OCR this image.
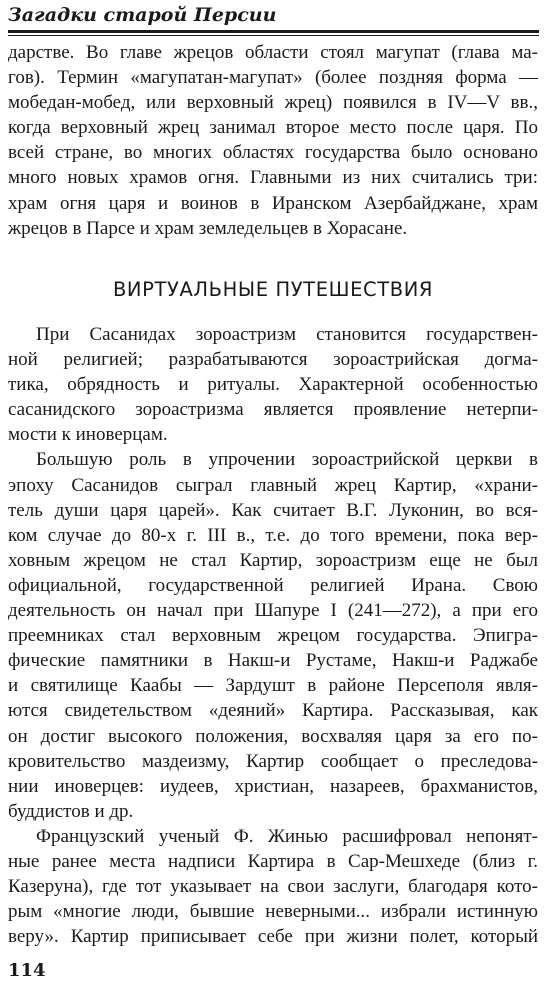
Загадки старой Персии
дарстве. Во главе жрецов области стоял магупат (глава ма-
гов). Термин «магупатан-магупат» (более поздняя форма —
мобедан-мобед, или верховный жрец) появился в IV—V вв.,
когда верховный жрец занимал второе место после царя. По
всей стране, во многих областях государства было основано
много новых храмов огня. Главными из них считались три:
храм огня царя и воинов в Иранском Азербайджане, храм
жрецов в Парсе и храм земледельцев в Хорасане.
ВИРТУАЛЬНЫЕ ПУТЕШЕСТВИЯ
При Сасанидах зороастризм становится государствен-
ной религией; разрабатываются зороастрийская догма-
тика, обрядность и ритуалы. Характерной особенностью
сасанидского зороастризма является проявление нетерпи-
мости к иноверцам.
Большую роль в упрочении зороастрийской церкви в
эпоху Сасанидов сыграл главный жрец Картир, «храни-
тель души царя царей». Как считает В.Г. Луконин, во вся-
ком случае до 80-х г. III в., т.е. до того времени, пока вер-
ховным жрецом не стал Картир, зороастризм еще не был
официальной, государственной религией Ирана. Свою
деятельность он начал при Шапуре I (241—272), а при его
преемниках стал верховным жрецом государства. Эпигра-
фические памятники в Накш-и Рустаме, Накш-и Раджабе
и святилище Каабы — Зардушт в районе Персеполя явля-
ются свидетельством «деяний» Картира. Рассказывая, как
он достиг высокого положения, восхваляя царя за его по-
кровительство маздеизму, Картир сообщает о преследова-
нии иноверцев: иудеев, христиан, назареев, брахманистов,
буддистов и др.
Французский ученый Ф. Жинью расшифровал непонят-
ные ранее места надписи Картира в Сар-Мешхеде (близ г.
Казеруна), где тот указывает на свои заслуги, благодаря кото-
рым «многие люди, бывшие неверными... избрали истинную
веру». Картир приписывает себе при жизни полет, который
114
